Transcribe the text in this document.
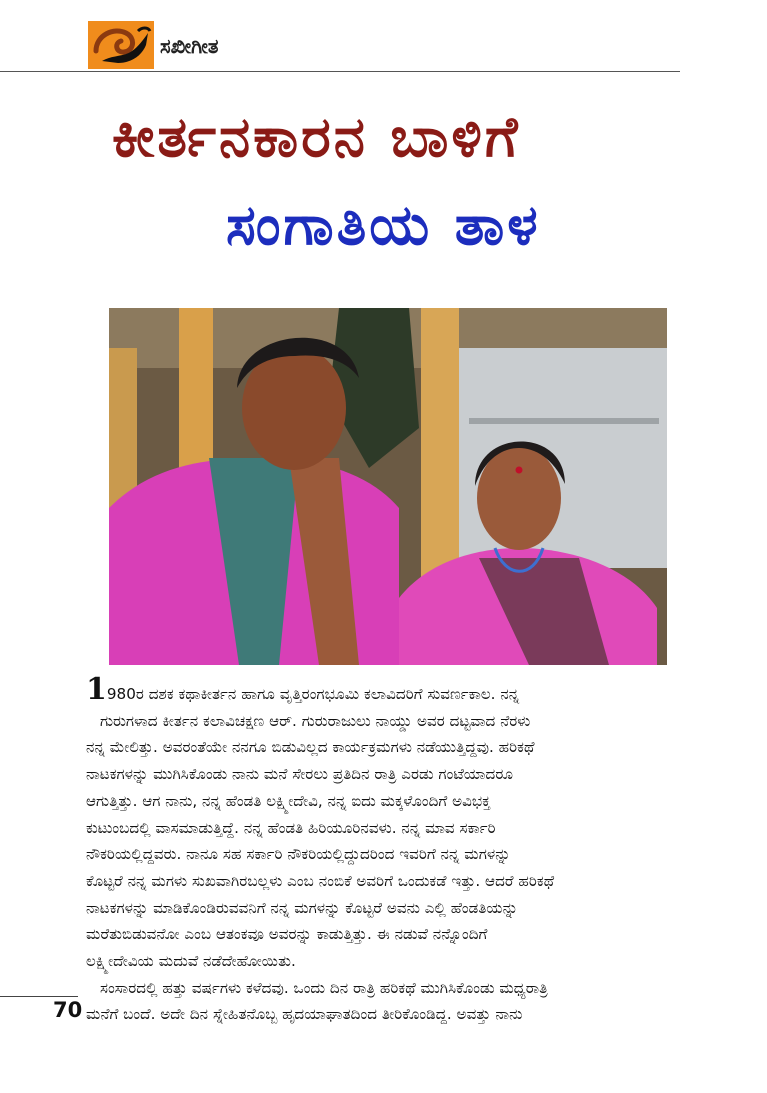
ಸಖೀಗೀತ
ಕೀರ್ತನಕಾರನ ಬಾಳಿಗೆ
ಸಂಗಾತಿಯ ತಾಳ

1980ರ ದಶಕ ಕಥಾಕೀರ್ತನ ಹಾಗೂ ವೃತ್ತಿರಂಗಭೂಮಿ ಕಲಾವಿದರಿಗೆ ಸುವರ್ಣಕಾಲ. ನನ್ನ
ಗುರುಗಳಾದ ಕೀರ್ತನ ಕಲಾವಿಚಕ್ಷಣ ಆರ್. ಗುರುರಾಜುಲು ನಾಯ್ಡು ಅವರ ದಟ್ಟವಾದ ನೆರಳು
ನನ್ನ ಮೇಲಿತ್ತು. ಅವರಂತೆಯೇ ನನಗೂ ಬಿಡುವಿಲ್ಲದ ಕಾರ್ಯಕ್ರಮಗಳು ನಡೆಯುತ್ತಿದ್ದವು. ಹರಿಕಥೆ
ನಾಟಕಗಳನ್ನು ಮುಗಿಸಿಕೊಂಡು ನಾನು ಮನೆ ಸೇರಲು ಪ್ರತಿದಿನ ರಾತ್ರಿ ಎರಡು ಗಂಟೆಯಾದರೂ
ಆಗುತ್ತಿತ್ತು. ಆಗ ನಾನು, ನನ್ನ ಹೆಂಡತಿ ಲಕ್ಷ್ಮೀದೇವಿ, ನನ್ನ ಐದು ಮಕ್ಕಳೊಂದಿಗೆ ಅವಿಭಕ್ತ
ಕುಟುಂಬದಲ್ಲಿ ವಾಸಮಾಡುತ್ತಿದ್ದೆ. ನನ್ನ ಹೆಂಡತಿ ಹಿರಿಯೂರಿನವಳು. ನನ್ನ ಮಾವ ಸರ್ಕಾರಿ
ನೌಕರಿಯಲ್ಲಿದ್ದವರು. ನಾನೂ ಸಹ ಸರ್ಕಾರಿ ನೌಕರಿಯಲ್ಲಿದ್ದುದರಿಂದ ಇವರಿಗೆ ನನ್ನ ಮಗಳನ್ನು
ಕೊಟ್ಟರೆ ನನ್ನ ಮಗಳು ಸುಖವಾಗಿರಬಲ್ಲಳು ಎಂಬ ನಂಬಿಕೆ ಅವರಿಗೆ ಒಂದುಕಡೆ ಇತ್ತು. ಆದರೆ ಹರಿಕಥೆ
ನಾಟಕಗಳನ್ನು ಮಾಡಿಕೊಂಡಿರುವವನಿಗೆ ನನ್ನ ಮಗಳನ್ನು ಕೊಟ್ಟರೆ ಅವನು ಎಲ್ಲಿ ಹೆಂಡತಿಯನ್ನು
ಮರೆತುಬಿಡುವನೋ ಎಂಬ ಆತಂಕವೂ ಅವರನ್ನು ಕಾಡುತ್ತಿತ್ತು. ಈ ನಡುವೆ ನನ್ನೊಂದಿಗೆ
ಲಕ್ಷ್ಮೀದೇವಿಯ ಮದುವೆ ನಡೆದೇಹೋಯಿತು.

ಸಂಸಾರದಲ್ಲಿ ಹತ್ತು ವರ್ಷಗಳು ಕಳೆದವು. ಒಂದು ದಿನ ರಾತ್ರಿ ಹರಿಕಥೆ ಮುಗಿಸಿಕೊಂಡು ಮಧ್ಯರಾತ್ರಿ
ಮನೆಗೆ ಬಂದೆ. ಅದೇ ದಿನ ಸ್ನೇಹಿತನೊಬ್ಬ ಹೃದಯಾಘಾತದಿಂದ ತೀರಿಕೊಂಡಿದ್ದ. ಅವತ್ತು ನಾನು

70
